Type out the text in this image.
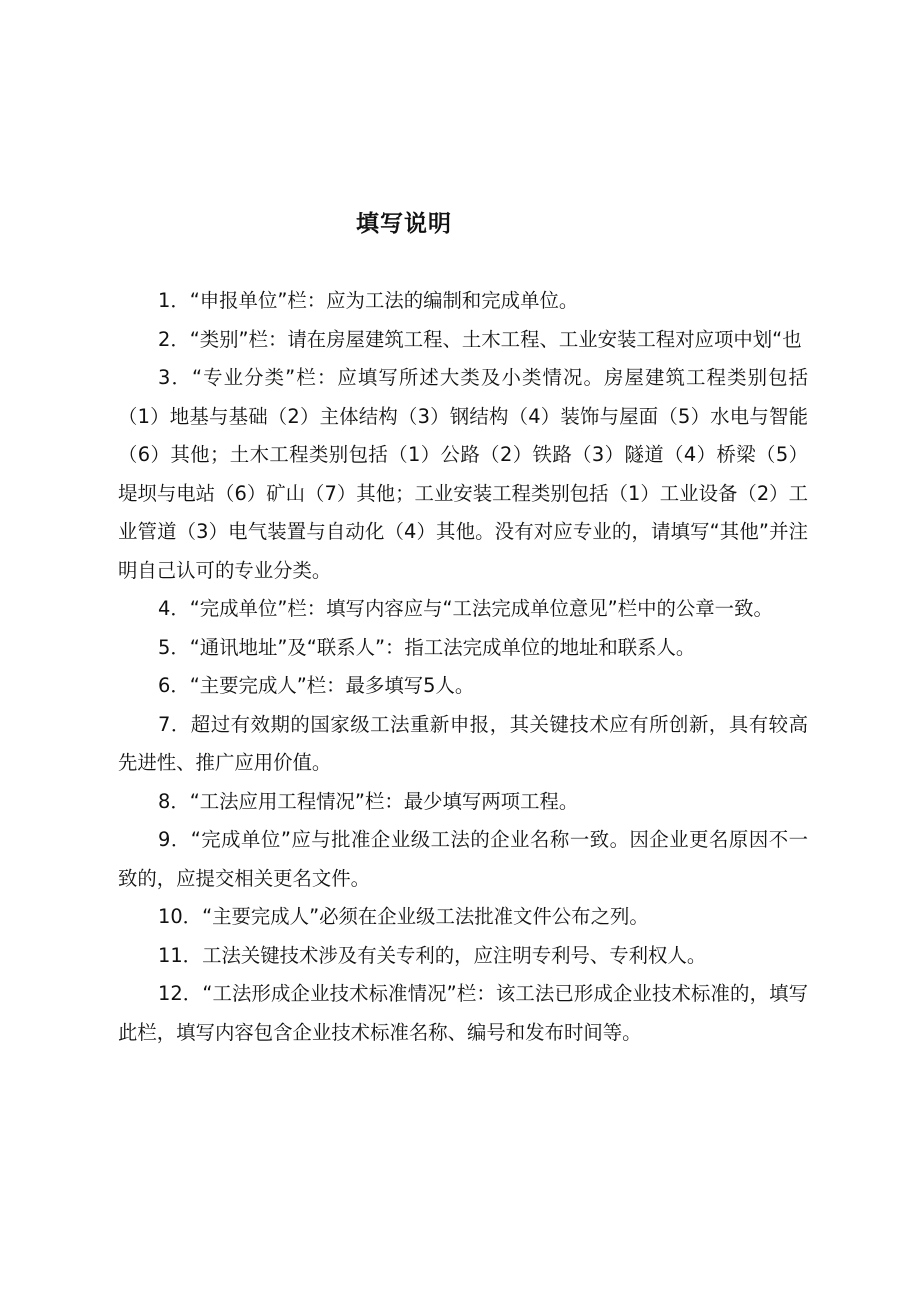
填写说明

1．“申报单位”栏：应为工法的编制和完成单位。

2．“类别”栏：请在房屋建筑工程、土木工程、工业安装工程对应项中划“也

3．“专业分类”栏：应填写所述大类及小类情况。房屋建筑工程类别包括（1）地基与基础（2）主体结构（3）钢结构（4）装饰与屋面（5）水电与智能（6）其他；土木工程类别包括（1）公路（2）铁路（3）隧道（4）桥梁（5）堤坝与电站（6）矿山（7）其他；工业安装工程类别包括（1）工业设备（2）工业管道（3）电气装置与自动化（4）其他。没有对应专业的，请填写“其他”并注明自己认可的专业分类。

4．“完成单位”栏：填写内容应与“工法完成单位意见”栏中的公章一致。

5．“通讯地址”及“联系人”：指工法完成单位的地址和联系人。

6．“主要完成人”栏：最多填写5人。

7．超过有效期的国家级工法重新申报，其关键技术应有所创新，具有较高先进性、推广应用价值。

8．“工法应用工程情况”栏：最少填写两项工程。

9．“完成单位”应与批准企业级工法的企业名称一致。因企业更名原因不一致的，应提交相关更名文件。

10．“主要完成人”必须在企业级工法批准文件公布之列。

11．工法关键技术涉及有关专利的，应注明专利号、专利权人。

12．“工法形成企业技术标准情况”栏：该工法已形成企业技术标准的，填写此栏，填写内容包含企业技术标准名称、编号和发布时间等。
